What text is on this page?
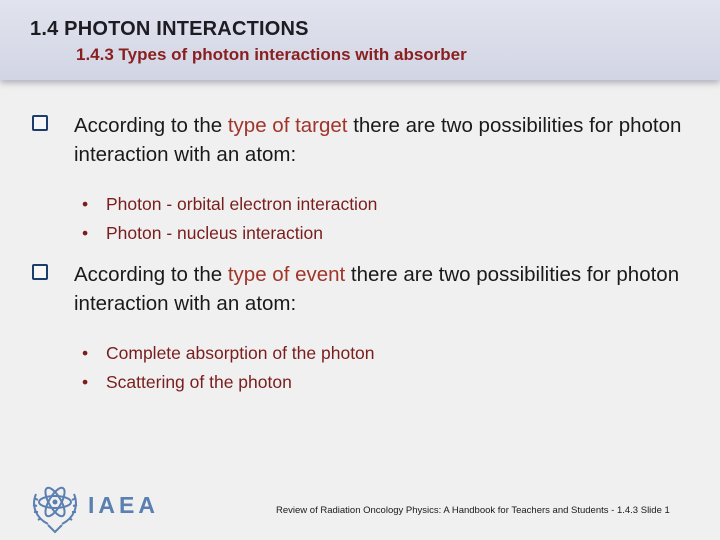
1.4 PHOTON INTERACTIONS
1.4.3 Types of photon interactions with absorber
According to the type of target there are two possibilities for photon interaction with an atom:
• Photon - orbital electron interaction
• Photon - nucleus interaction
According to the type of event there are two possibilities for photon interaction with an atom:
• Complete absorption of the photon
• Scattering of the photon
IAEA	Review of Radiation Oncology Physics: A Handbook for Teachers and Students - 1.4.3 Slide 1
